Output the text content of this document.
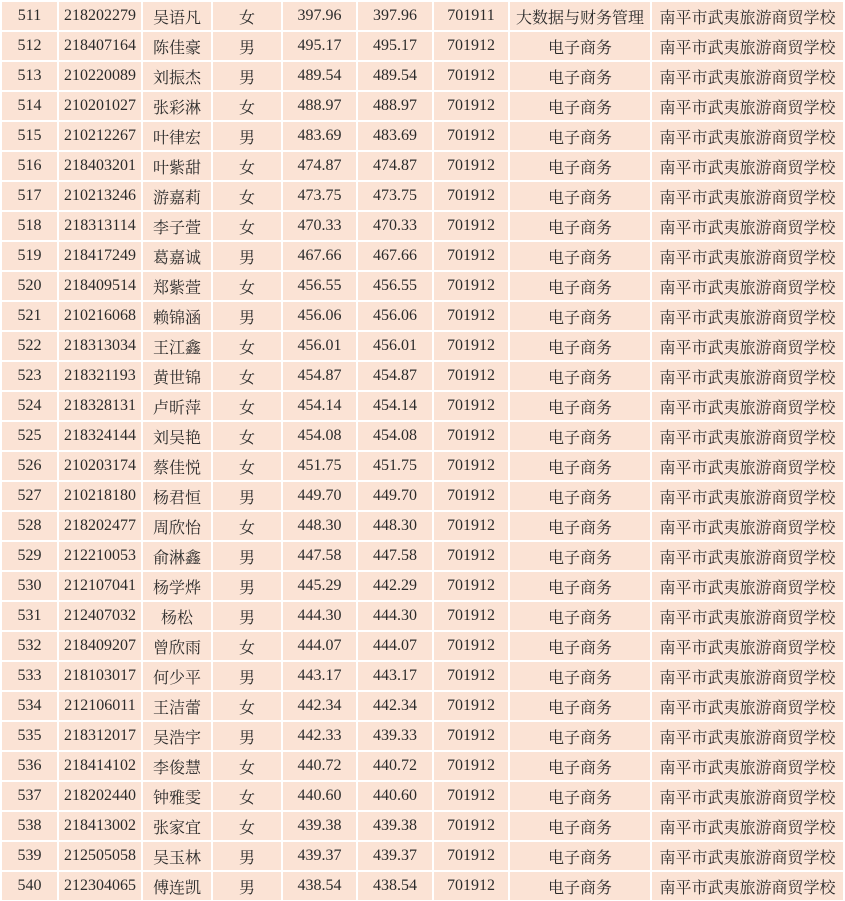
511	218202279	吴语凡	女	397.96	397.96	701911	大数据与财务管理	南平市武夷旅游商贸学校
512	218407164	陈佳豪	男	495.17	495.17	701912	电子商务	南平市武夷旅游商贸学校
513	210220089	刘振杰	男	489.54	489.54	701912	电子商务	南平市武夷旅游商贸学校
514	210201027	张彩淋	女	488.97	488.97	701912	电子商务	南平市武夷旅游商贸学校
515	210212267	叶律宏	男	483.69	483.69	701912	电子商务	南平市武夷旅游商贸学校
516	218403201	叶紫甜	女	474.87	474.87	701912	电子商务	南平市武夷旅游商贸学校
517	210213246	游嘉莉	女	473.75	473.75	701912	电子商务	南平市武夷旅游商贸学校
518	218313114	李子萱	女	470.33	470.33	701912	电子商务	南平市武夷旅游商贸学校
519	218417249	葛嘉诚	男	467.66	467.66	701912	电子商务	南平市武夷旅游商贸学校
520	218409514	郑紫萱	女	456.55	456.55	701912	电子商务	南平市武夷旅游商贸学校
521	210216068	赖锦涵	男	456.06	456.06	701912	电子商务	南平市武夷旅游商贸学校
522	218313034	王江鑫	女	456.01	456.01	701912	电子商务	南平市武夷旅游商贸学校
523	218321193	黄世锦	女	454.87	454.87	701912	电子商务	南平市武夷旅游商贸学校
524	218328131	卢昕萍	女	454.14	454.14	701912	电子商务	南平市武夷旅游商贸学校
525	218324144	刘吴艳	女	454.08	454.08	701912	电子商务	南平市武夷旅游商贸学校
526	210203174	蔡佳悦	女	451.75	451.75	701912	电子商务	南平市武夷旅游商贸学校
527	210218180	杨君恒	男	449.70	449.70	701912	电子商务	南平市武夷旅游商贸学校
528	218202477	周欣怡	女	448.30	448.30	701912	电子商务	南平市武夷旅游商贸学校
529	212210053	俞淋鑫	男	447.58	447.58	701912	电子商务	南平市武夷旅游商贸学校
530	212107041	杨学烨	男	445.29	442.29	701912	电子商务	南平市武夷旅游商贸学校
531	212407032	杨松	男	444.30	444.30	701912	电子商务	南平市武夷旅游商贸学校
532	218409207	曾欣雨	女	444.07	444.07	701912	电子商务	南平市武夷旅游商贸学校
533	218103017	何少平	男	443.17	443.17	701912	电子商务	南平市武夷旅游商贸学校
534	212106011	王洁蕾	女	442.34	442.34	701912	电子商务	南平市武夷旅游商贸学校
535	218312017	吴浩宇	男	442.33	439.33	701912	电子商务	南平市武夷旅游商贸学校
536	218414102	李俊慧	女	440.72	440.72	701912	电子商务	南平市武夷旅游商贸学校
537	218202440	钟雅雯	女	440.60	440.60	701912	电子商务	南平市武夷旅游商贸学校
538	218413002	张家宜	女	439.38	439.38	701912	电子商务	南平市武夷旅游商贸学校
539	212505058	吴玉林	男	439.37	439.37	701912	电子商务	南平市武夷旅游商贸学校
540	212304065	傅连凯	男	438.54	438.54	701912	电子商务	南平市武夷旅游商贸学校
